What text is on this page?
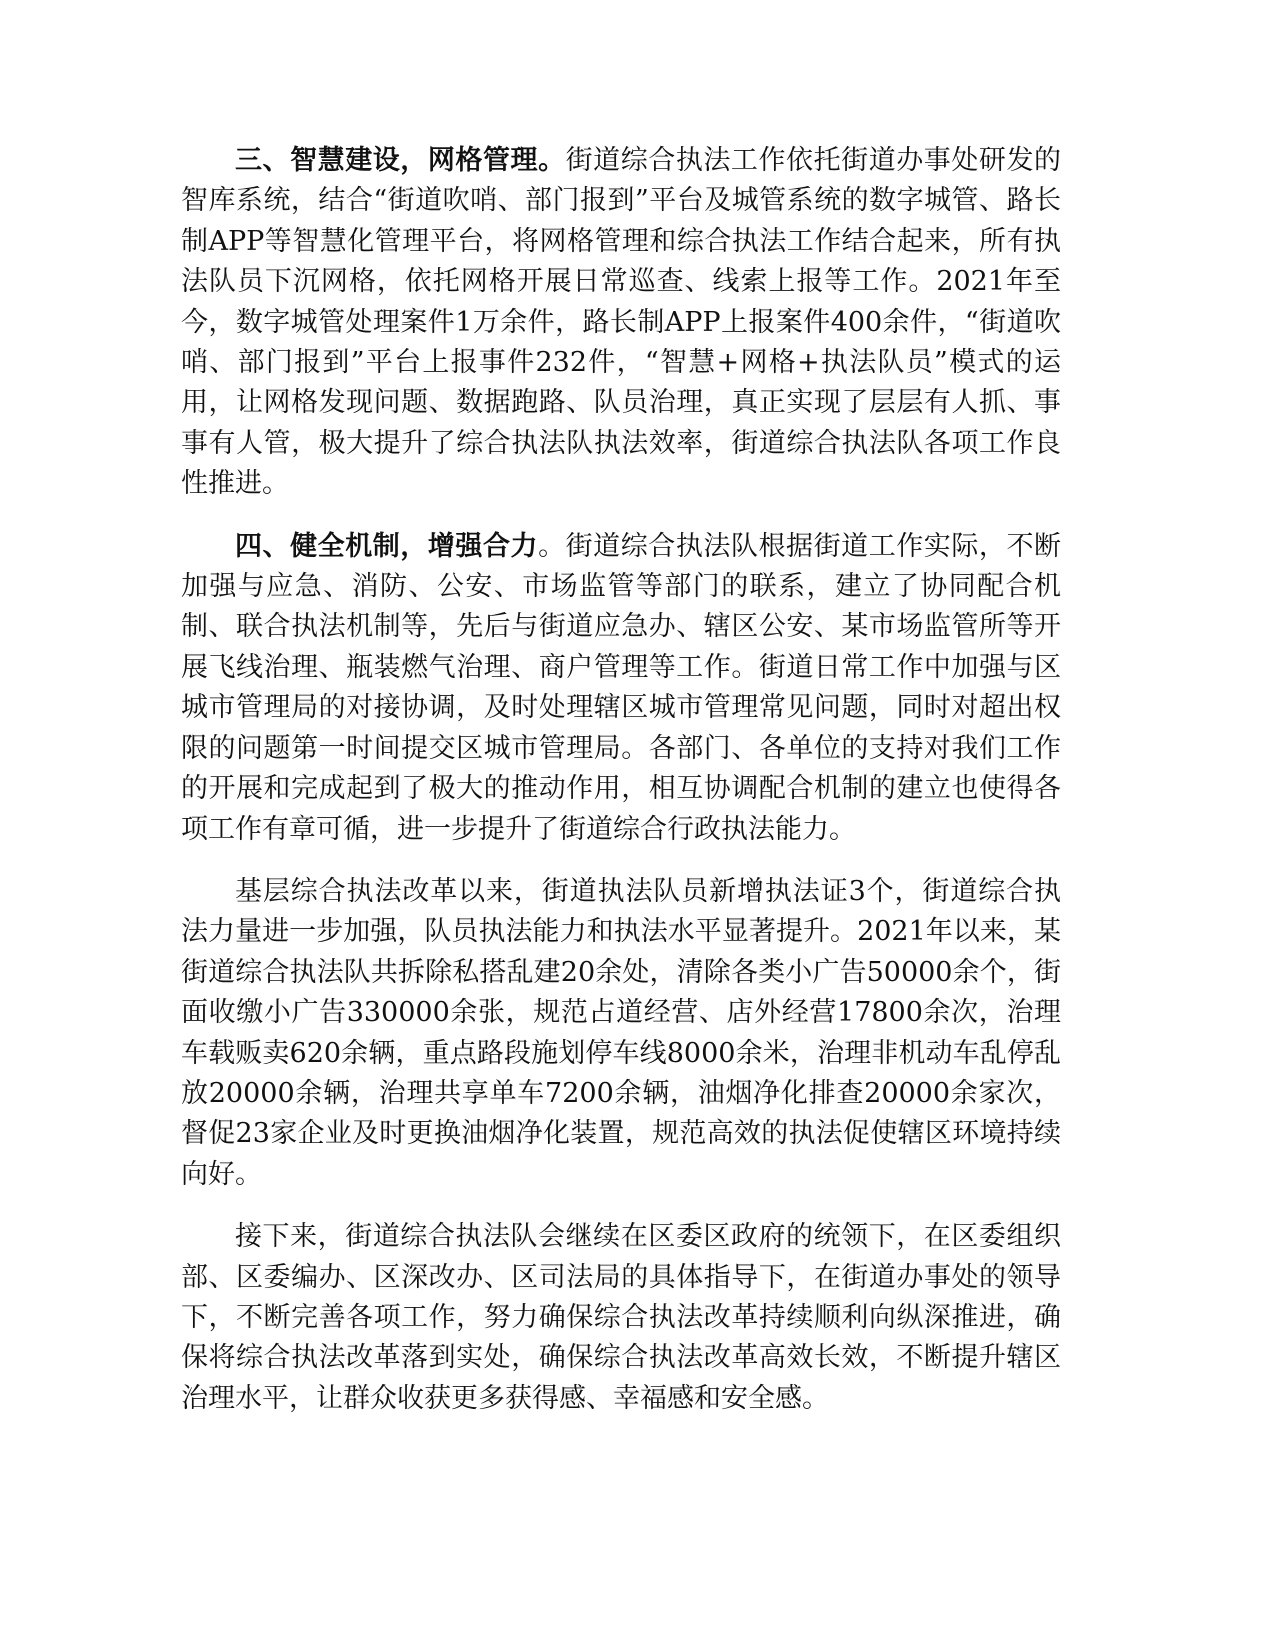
三、智慧建设，网格管理。街道综合执法工作依托街道办事处研发的智库系统，结合“街道吹哨、部门报到”平台及城管系统的数字城管、路长制APP等智慧化管理平台，将网格管理和综合执法工作结合起来，所有执法队员下沉网格，依托网格开展日常巡查、线索上报等工作。2021年至今，数字城管处理案件1万余件，路长制APP上报案件400余件，“街道吹哨、部门报到”平台上报事件232件，“智慧+网格+执法队员”模式的运用，让网格发现问题、数据跑路、队员治理，真正实现了层层有人抓、事事有人管，极大提升了综合执法队执法效率，街道综合执法队各项工作良性推进。

四、健全机制，增强合力。街道综合执法队根据街道工作实际，不断加强与应急、消防、公安、市场监管等部门的联系，建立了协同配合机制、联合执法机制等，先后与街道应急办、辖区公安、某市场监管所等开展飞线治理、瓶装燃气治理、商户管理等工作。街道日常工作中加强与区城市管理局的对接协调，及时处理辖区城市管理常见问题，同时对超出权限的问题第一时间提交区城市管理局。各部门、各单位的支持对我们工作的开展和完成起到了极大的推动作用，相互协调配合机制的建立也使得各项工作有章可循，进一步提升了街道综合行政执法能力。

基层综合执法改革以来，街道执法队员新增执法证3个，街道综合执法力量进一步加强，队员执法能力和执法水平显著提升。2021年以来，某街道综合执法队共拆除私搭乱建20余处，清除各类小广告50000余个，街面收缴小广告330000余张，规范占道经营、店外经营17800余次，治理车载贩卖620余辆，重点路段施划停车线8000余米，治理非机动车乱停乱放20000余辆，治理共享单车7200余辆，油烟净化排查20000余家次，督促23家企业及时更换油烟净化装置，规范高效的执法促使辖区环境持续向好。

接下来，街道综合执法队会继续在区委区政府的统领下，在区委组织部、区委编办、区深改办、区司法局的具体指导下，在街道办事处的领导下，不断完善各项工作，努力确保综合执法改革持续顺利向纵深推进，确保将综合执法改革落到实处，确保综合执法改革高效长效，不断提升辖区治理水平，让群众收获更多获得感、幸福感和安全感。
